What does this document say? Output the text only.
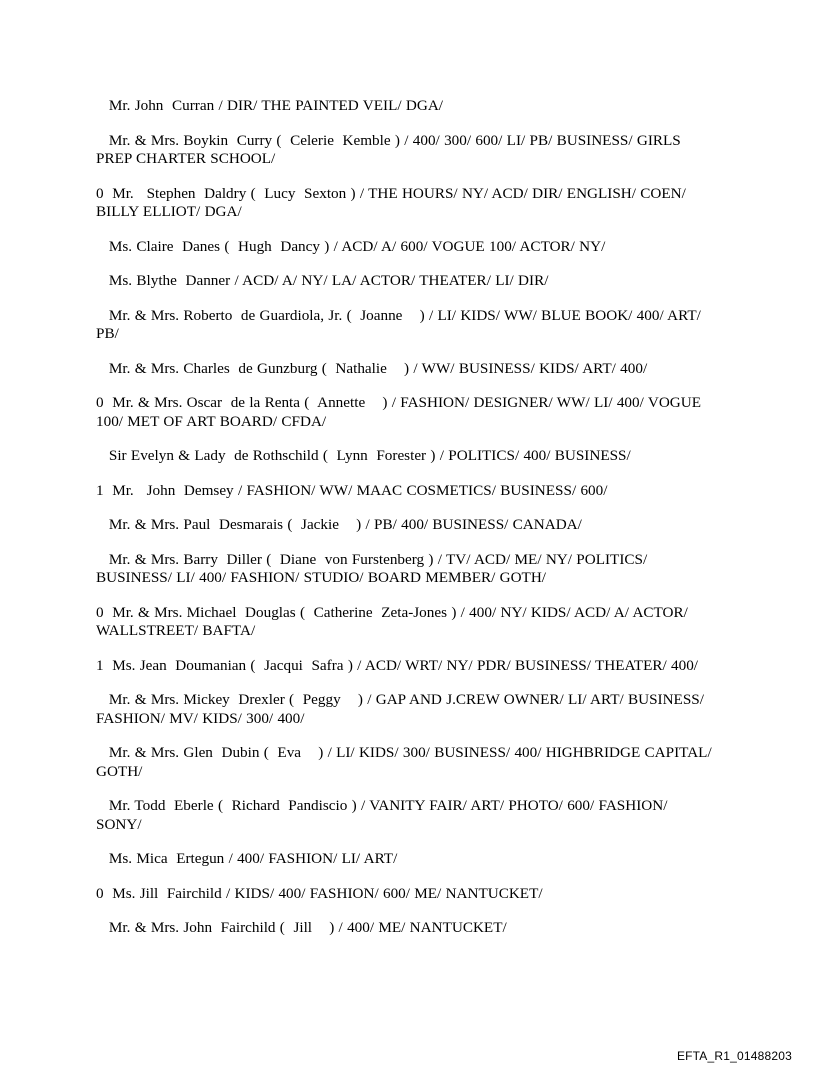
Mr. John  Curran / DIR/ THE PAINTED VEIL/ DGA/
Mr. & Mrs. Boykin  Curry (  Celerie  Kemble ) / 400/ 300/ 600/ LI/ PB/ BUSINESS/ GIRLS PREP CHARTER SCHOOL/
0  Mr.   Stephen  Daldry (  Lucy  Sexton ) / THE HOURS/ NY/ ACD/ DIR/ ENGLISH/ COEN/ BILLY ELLIOT/ DGA/
Ms. Claire  Danes (  Hugh  Dancy ) / ACD/ A/ 600/ VOGUE 100/ ACTOR/ NY/
Ms. Blythe  Danner / ACD/ A/ NY/ LA/ ACTOR/ THEATER/ LI/ DIR/
Mr. & Mrs. Roberto  de Guardiola, Jr. (  Joanne    ) / LI/ KIDS/ WW/ BLUE BOOK/ 400/ ART/ PB/
Mr. & Mrs. Charles  de Gunzburg (  Nathalie    ) / WW/ BUSINESS/ KIDS/ ART/ 400/
0  Mr. & Mrs. Oscar  de la Renta (  Annette    ) / FASHION/ DESIGNER/ WW/ LI/ 400/ VOGUE 100/ MET OF ART BOARD/ CFDA/
Sir Evelyn & Lady  de Rothschild (  Lynn  Forester ) / POLITICS/ 400/ BUSINESS/
1  Mr.   John  Demsey / FASHION/ WW/ MAAC COSMETICS/ BUSINESS/ 600/
Mr. & Mrs. Paul  Desmarais (  Jackie    ) / PB/ 400/ BUSINESS/ CANADA/
Mr. & Mrs. Barry  Diller (  Diane  von Furstenberg ) / TV/ ACD/ ME/ NY/ POLITICS/ BUSINESS/ LI/ 400/ FASHION/ STUDIO/ BOARD MEMBER/ GOTH/
0  Mr. & Mrs. Michael  Douglas (  Catherine  Zeta-Jones ) / 400/ NY/ KIDS/ ACD/ A/ ACTOR/ WALLSTREET/ BAFTA/
1  Ms. Jean  Doumanian (  Jacqui  Safra ) / ACD/ WRT/ NY/ PDR/ BUSINESS/ THEATER/ 400/
Mr. & Mrs. Mickey  Drexler (  Peggy    ) / GAP AND J.CREW OWNER/ LI/ ART/ BUSINESS/ FASHION/ MV/ KIDS/ 300/ 400/
Mr. & Mrs. Glen  Dubin (  Eva    ) / LI/ KIDS/ 300/ BUSINESS/ 400/ HIGHBRIDGE CAPITAL/ GOTH/
Mr. Todd  Eberle (  Richard  Pandiscio ) / VANITY FAIR/ ART/ PHOTO/ 600/ FASHION/ SONY/
Ms. Mica  Ertegun / 400/ FASHION/ LI/ ART/
0  Ms. Jill  Fairchild / KIDS/ 400/ FASHION/ 600/ ME/ NANTUCKET/
Mr. & Mrs. John  Fairchild (  Jill    ) / 400/ ME/ NANTUCKET/
EFTA_R1_01488203
